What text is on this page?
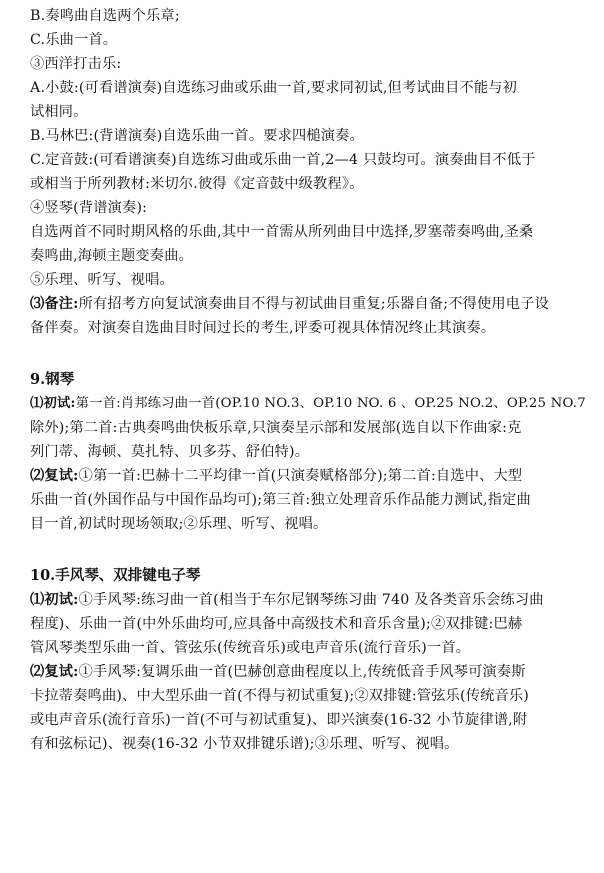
B.奏鸣曲自选两个乐章;
C.乐曲一首。
③西洋打击乐:
A.小鼓:(可看谱演奏)自选练习曲或乐曲一首,要求同初试,但考试曲目不能与初
试相同。
B.马林巴:(背谱演奏)自选乐曲一首。要求四槌演奏。
C.定音鼓:(可看谱演奏)自选练习曲或乐曲一首,2—4 只鼓均可。演奏曲目不低于
或相当于所列教材:米切尔.彼得《定音鼓中级教程》。
④竖琴(背谱演奏):
自选两首不同时期风格的乐曲,其中一首需从所列曲目中选择,罗塞蒂奏鸣曲,圣桑
奏鸣曲,海顿主题变奏曲。
⑤乐理、听写、视唱。
⑶备注:所有招考方向复试演奏曲目不得与初试曲目重复;乐器自备;不得使用电子设
备伴奏。对演奏自选曲目时间过长的考生,评委可视具体情况终止其演奏。
9.钢琴
⑴初试:第一首:肖邦练习曲一首(OP.10 NO.3、OP.10 NO. 6 、OP.25 NO.2、OP.25 NO.7
除外);第二首:古典奏鸣曲快板乐章,只演奏呈示部和发展部(选自以下作曲家:克
列门蒂、海顿、莫扎特、贝多芬、舒伯特)。
⑵复试:①第一首:巴赫十二平均律一首(只演奏赋格部分);第二首:自选中、大型
乐曲一首(外国作品与中国作品均可);第三首:独立处理音乐作品能力测试,指定曲
目一首,初试时现场领取;②乐理、听写、视唱。
10.手风琴、双排键电子琴
⑴初试:①手风琴:练习曲一首(相当于车尔尼钢琴练习曲 740 及各类音乐会练习曲
程度)、乐曲一首(中外乐曲均可,应具备中高级技术和音乐含量);②双排键:巴赫
管风琴类型乐曲一首、管弦乐(传统音乐)或电声音乐(流行音乐)一首。
⑵复试:①手风琴:复调乐曲一首(巴赫创意曲程度以上,传统低音手风琴可演奏斯
卡拉蒂奏鸣曲)、中大型乐曲一首(不得与初试重复);②双排键:管弦乐(传统音乐)
或电声音乐(流行音乐)一首(不可与初试重复)、即兴演奏(16-32 小节旋律谱,附
有和弦标记)、视奏(16-32 小节双排键乐谱);③乐理、听写、视唱。
